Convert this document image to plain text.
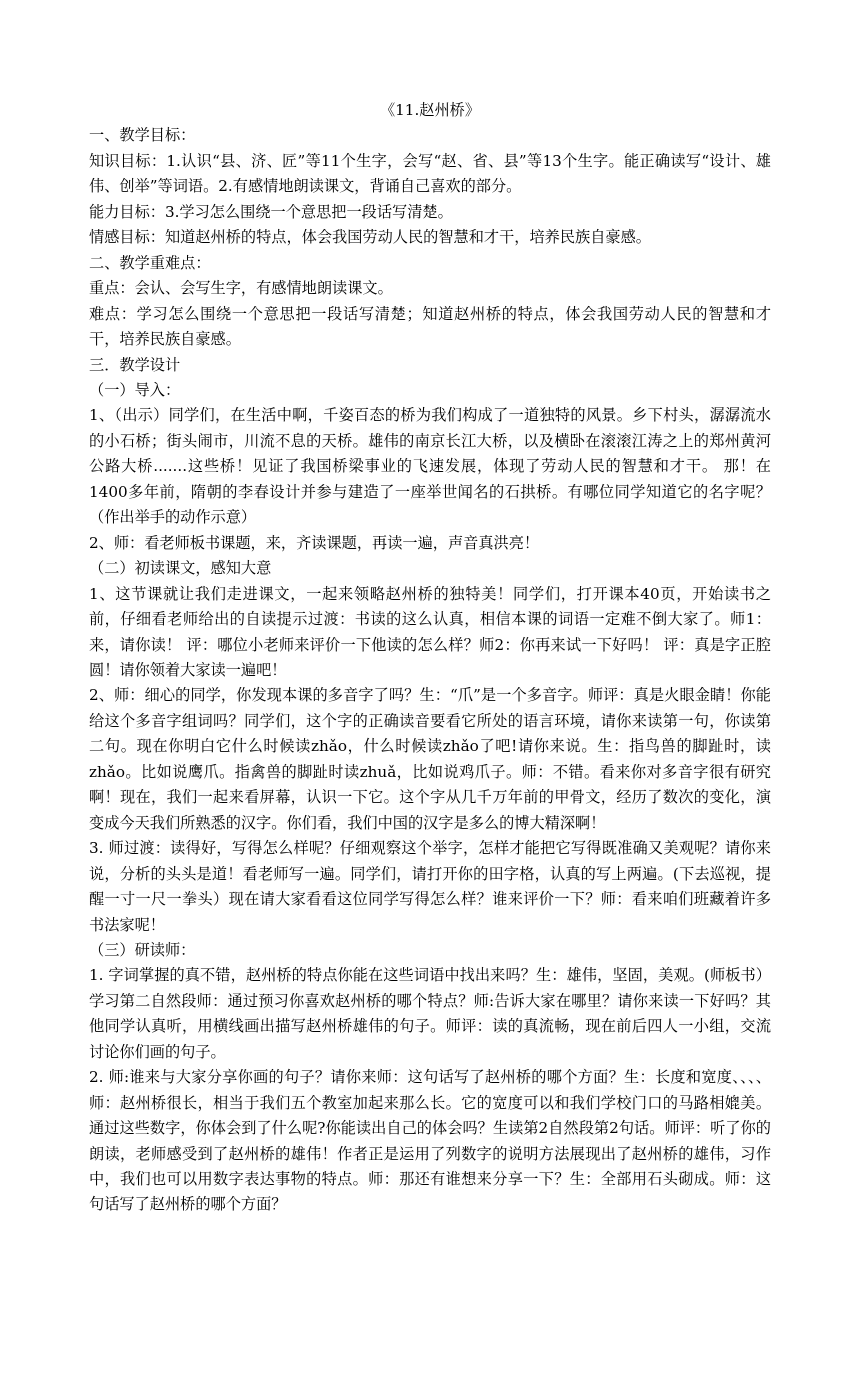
《11.赵州桥》

一、教学目标：

知识目标：1.认识“县、济、匠”等11个生字，会写“赵、省、县”等13个生字。能正确读写“设计、雄伟、创举”等词语。2.有感情地朗读课文，背诵自己喜欢的部分。

能力目标：3.学习怎么围绕一个意思把一段话写清楚。

情感目标：知道赵州桥的特点，体会我国劳动人民的智慧和才干，培养民族自豪感。

二、教学重难点：

重点：会认、会写生字，有感情地朗读课文。

难点：学习怎么围绕一个意思把一段话写清楚；知道赵州桥的特点，体会我国劳动人民的智慧和才干，培养民族自豪感。

三．教学设计

（一）导入：

1、（出示）同学们，在生活中啊，千姿百态的桥为我们构成了一道独特的风景。乡下村头，潺潺流水的小石桥；街头闹市，川流不息的天桥。雄伟的南京长江大桥，以及横卧在滚滚江涛之上的郑州黄河公路大桥.......这些桥！见证了我国桥梁事业的飞速发展，体现了劳动人民的智慧和才干。 那！在1400多年前，隋朝的李春设计并参与建造了一座举世闻名的石拱桥。有哪位同学知道它的名字呢？（作出举手的动作示意）

2、师：看老师板书课题，来，齐读课题，再读一遍，声音真洪亮！

（二）初读课文，感知大意

1、这节课就让我们走进课文，一起来领略赵州桥的独特美！同学们，打开课本40页，开始读书之前，仔细看老师给出的自读提示过渡：书读的这么认真，相信本课的词语一定难不倒大家了。师1：来，请你读！ 评：哪位小老师来评价一下他读的怎么样？师2：你再来试一下好吗！ 评：真是字正腔圆！请你领着大家读一遍吧！

2、师：细心的同学，你发现本课的多音字了吗？生：“爪”是一个多音字。师评：真是火眼金睛！你能给这个多音字组词吗？同学们，这个字的正确读音要看它所处的语言环境，请你来读第一句，你读第二句。现在你明白它什么时候读zhǎo，什么时候读zhǎo了吧!请你来说。生：指鸟兽的脚趾时，读zhǎo。比如说鹰爪。指禽兽的脚趾时读zhuǎ，比如说鸡爪子。师：不错。看来你对多音字很有研究啊！现在，我们一起来看屏幕，认识一下它。这个字从几千万年前的甲骨文，经历了数次的变化，演变成今天我们所熟悉的汉字。你们看，我们中国的汉字是多么的博大精深啊！

3. 师过渡：读得好，写得怎么样呢？仔细观察这个举字，怎样才能把它写得既准确又美观呢？请你来说，分析的头头是道！看老师写一遍。同学们，请打开你的田字格，认真的写上两遍。(下去巡视，提醒一寸一尺一拳头）现在请大家看看这位同学写得怎么样？谁来评价一下？师：看来咱们班藏着许多书法家呢！

（三）研读师：

1. 字词掌握的真不错，赵州桥的特点你能在这些词语中找出来吗？生：雄伟，坚固，美观。(师板书）学习第二自然段师：通过预习你喜欢赵州桥的哪个特点？师:告诉大家在哪里？请你来读一下好吗？其他同学认真听，用横线画出描写赵州桥雄伟的句子。师评：读的真流畅，现在前后四人一小组，交流讨论你们画的句子。

2. 师:谁来与大家分享你画的句子？请你来师：这句话写了赵州桥的哪个方面？生：长度和宽度、、、、师：赵州桥很长，相当于我们五个教室加起来那么长。它的宽度可以和我们学校门口的马路相媲美。通过这些数字，你体会到了什么呢?你能读出自己的体会吗？生读第2自然段第2句话。师评：听了你的朗读，老师感受到了赵州桥的雄伟！作者正是运用了列数字的说明方法展现出了赵州桥的雄伟，习作中，我们也可以用数字表达事物的特点。师：那还有谁想来分享一下？生：全部用石头砌成。师：这句话写了赵州桥的哪个方面？
